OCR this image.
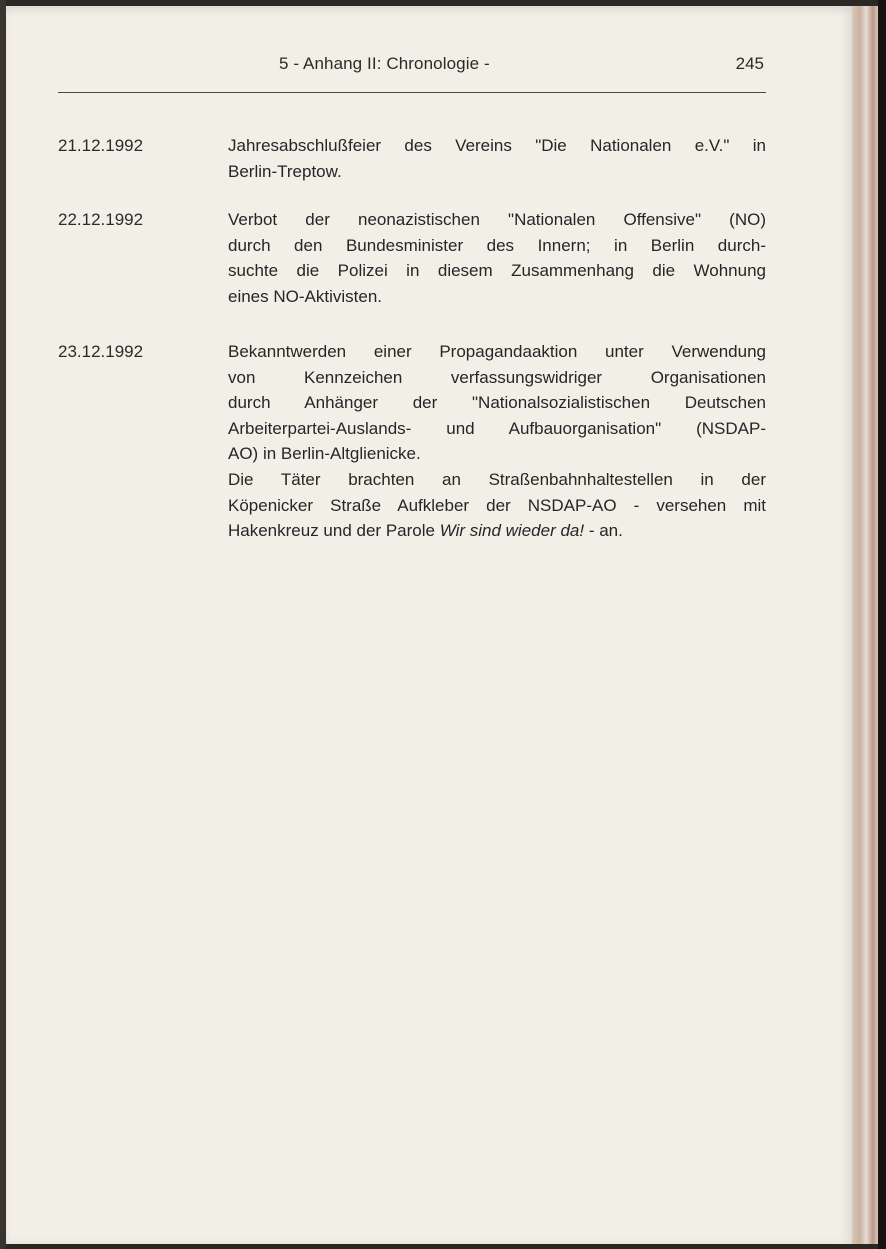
5 - Anhang II: Chronologie -	245
21.12.1992	Jahresabschlußfeier des Vereins "Die Nationalen e.V." in
Berlin-Treptow.
22.12.1992	Verbot der neonazistischen "Nationalen Offensive" (NO)
durch den Bundesminister des Innern; in Berlin durch-
suchte die Polizei in diesem Zusammenhang die Wohnung
eines NO-Aktivisten.
23.12.1992	Bekanntwerden einer Propagandaaktion unter Verwendung
von Kennzeichen verfassungswidriger Organisationen
durch Anhänger der "Nationalsozialistischen Deutschen
Arbeiterpartei-Auslands- und Aufbauorganisation" (NSDAP-
AO) in Berlin-Altglienicke.
Die Täter brachten an Straßenbahnhaltestellen in der
Köpenicker Straße Aufkleber der NSDAP-AO - versehen mit
Hakenkreuz und der Parole Wir sind wieder da! - an.
